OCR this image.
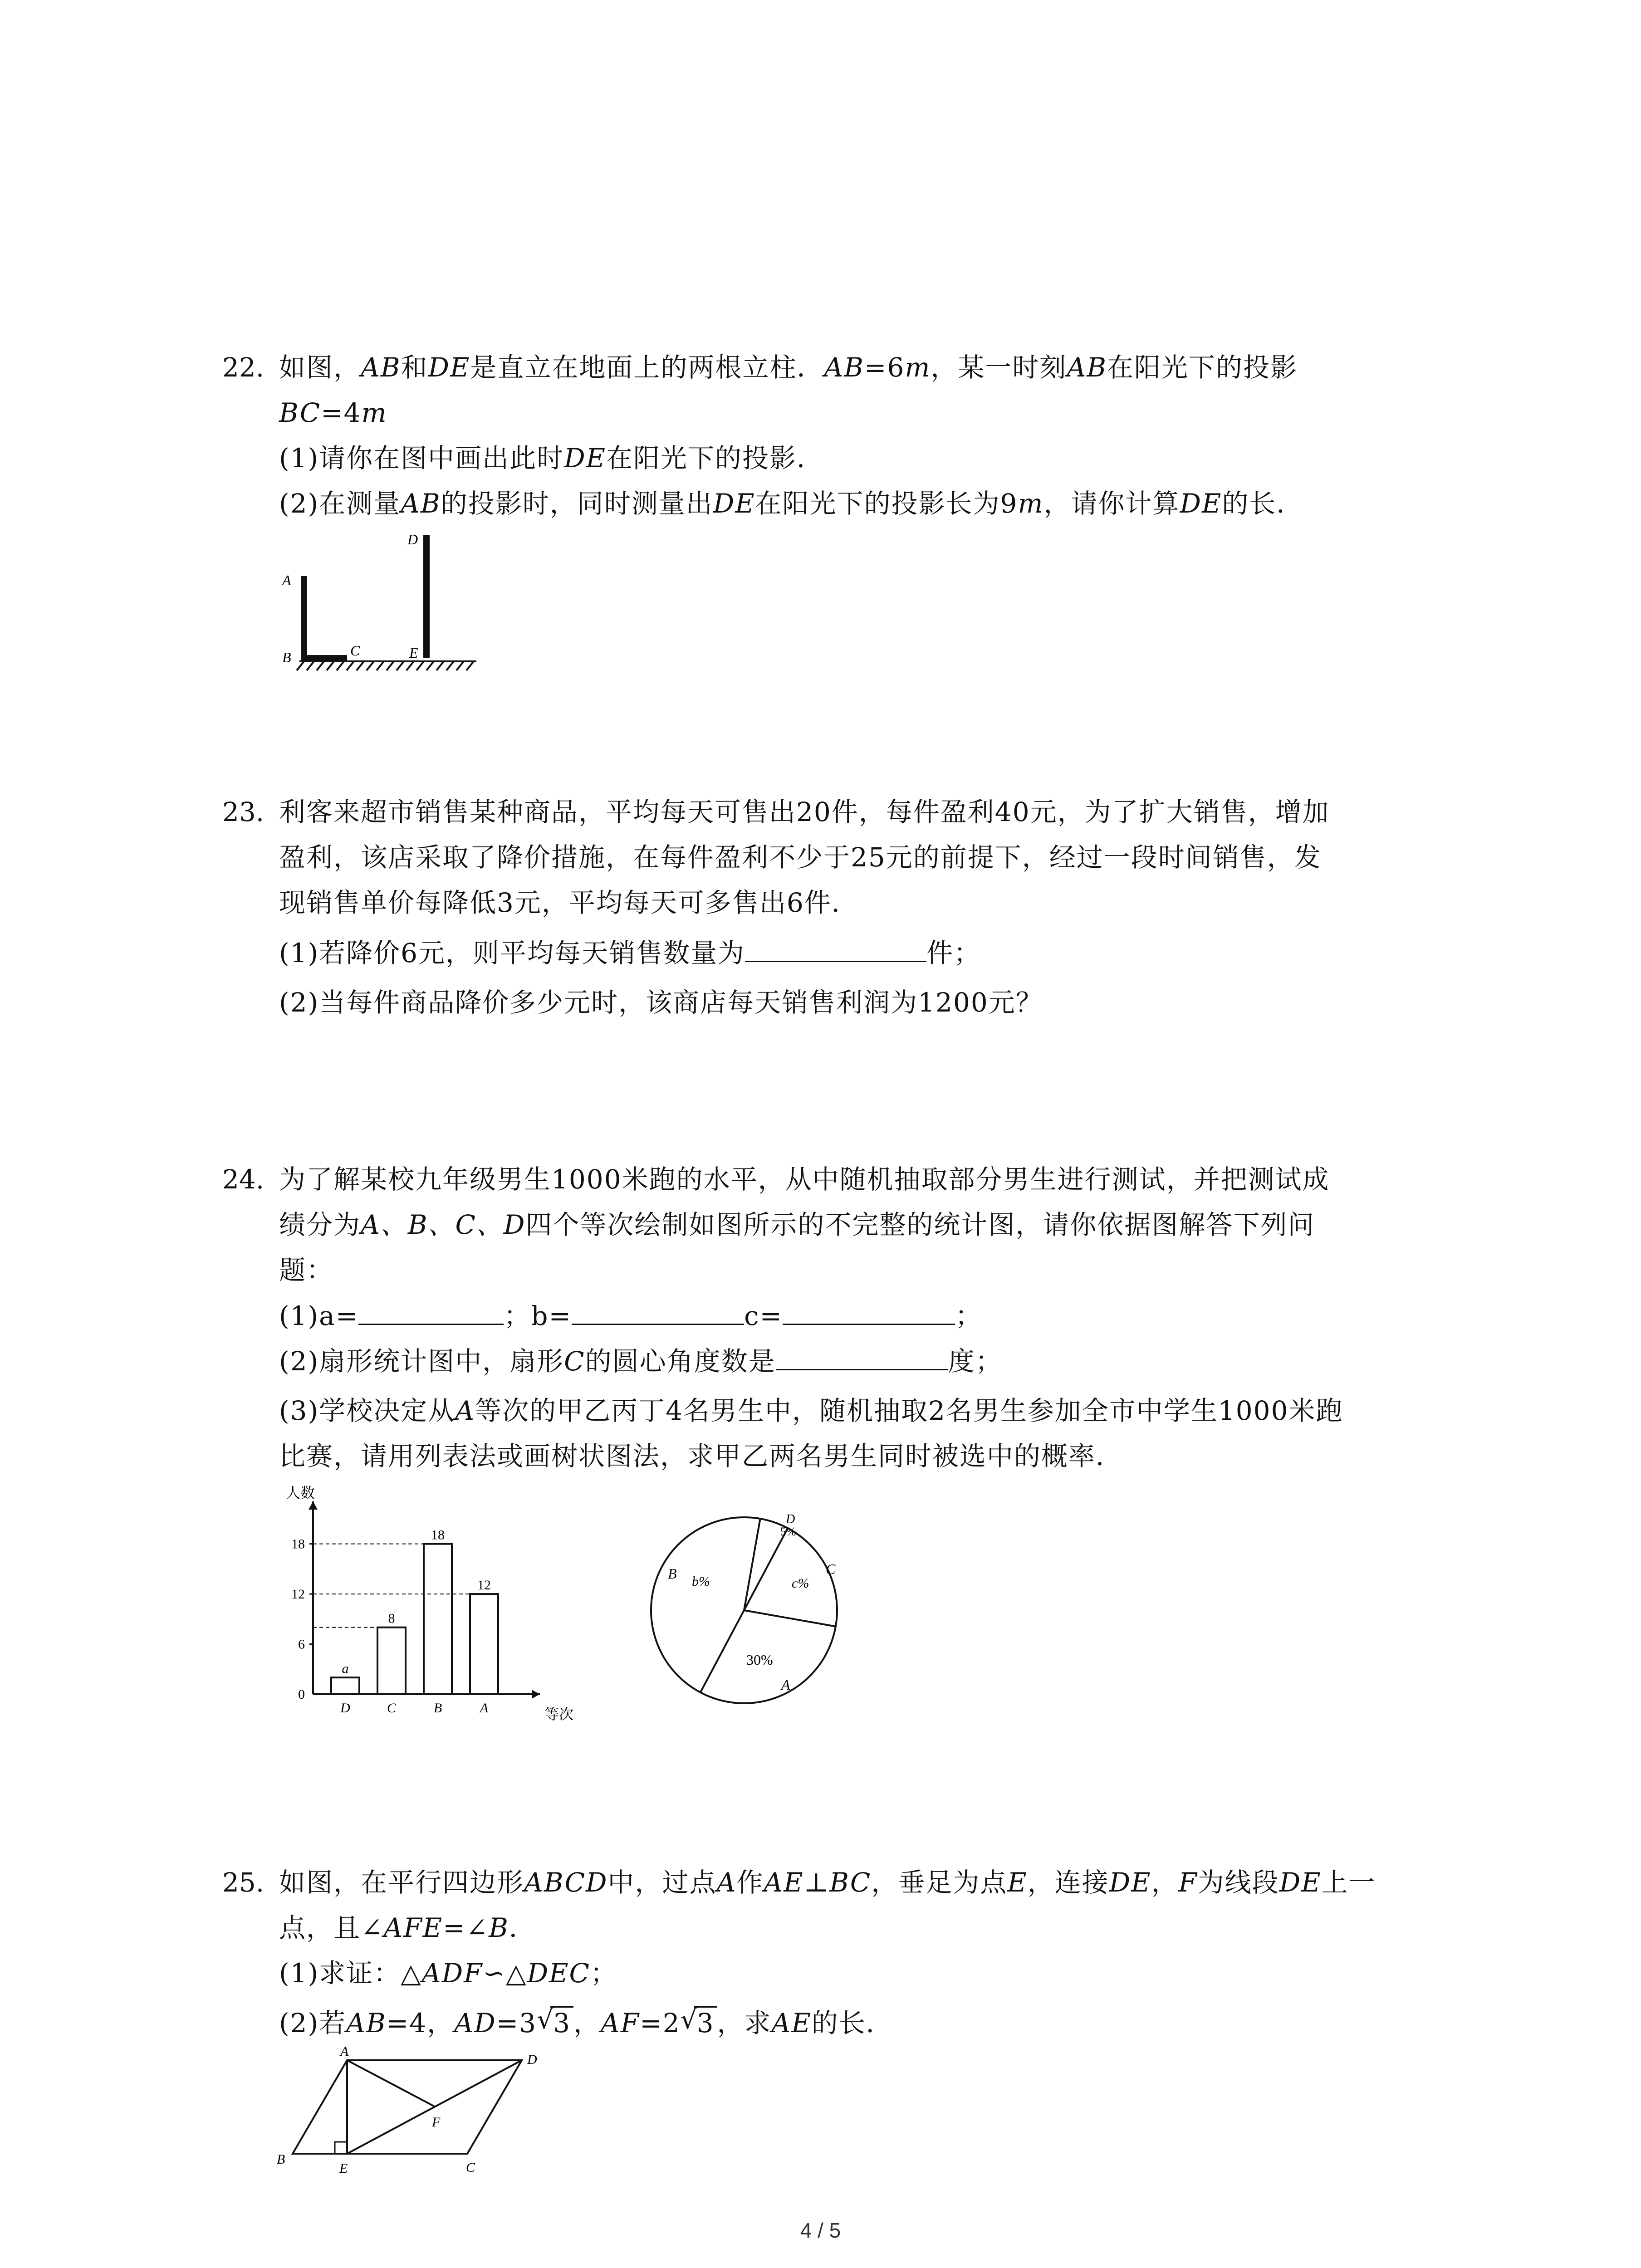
22. 如图，AB和DE是直立在地面上的两根立柱．AB=6m，某一时刻AB在阳光下的投影
BC=4m
(1)请你在图中画出此时DE在阳光下的投影．
(2)在测量AB的投影时，同时测量出DE在阳光下的投影长为9m，请你计算DE的长．
A
B	C
D
E
23. 利客来超市销售某种商品，平均每天可售出20件，每件盈利40元，为了扩大销售，增加
盈利，该店采取了降价措施，在每件盈利不少于25元的前提下，经过一段时间销售，发
现销售单价每降低3元，平均每天可多售出6件．
(1)若降价6元，则平均每天销售数量为	件；
(2)当每件商品降价多少元时，该商店每天销售利润为1200元？
24. 为了解某校九年级男生1000米跑的水平，从中随机抽取部分男生进行测试，并把测试成
绩分为A、B、C、D四个等次绘制如图所示的不完整的统计图，请你依据图解答下列问
题：
(1)a=	；b=	c=	；
(2)扇形统计图中，扇形C的圆心角度数是	度；
(3)学校决定从A等次的甲乙丙丁4名男生中，随机抽取2名男生参加全市中学生1000米跑
比赛，请用列表法或画树状图法，求甲乙两名男生同时被选中的概率．
人数
等次
0
6
12
18
a
D
8
C
18
B
12
A
B b%
D
5%
C
c%
30%
A
25. 如图，在平行四边形ABCD中，过点A作AE⊥BC，垂足为点E，连接DE，F为线段DE上一
点，且∠AFE=∠B．
(1)求证：△ADF∽△DEC；
(2)若AB=4，AD=3 √
3 ，AF=2 √
3 ，求AE的长．
A
D
B
E	C
F
4 / 5
